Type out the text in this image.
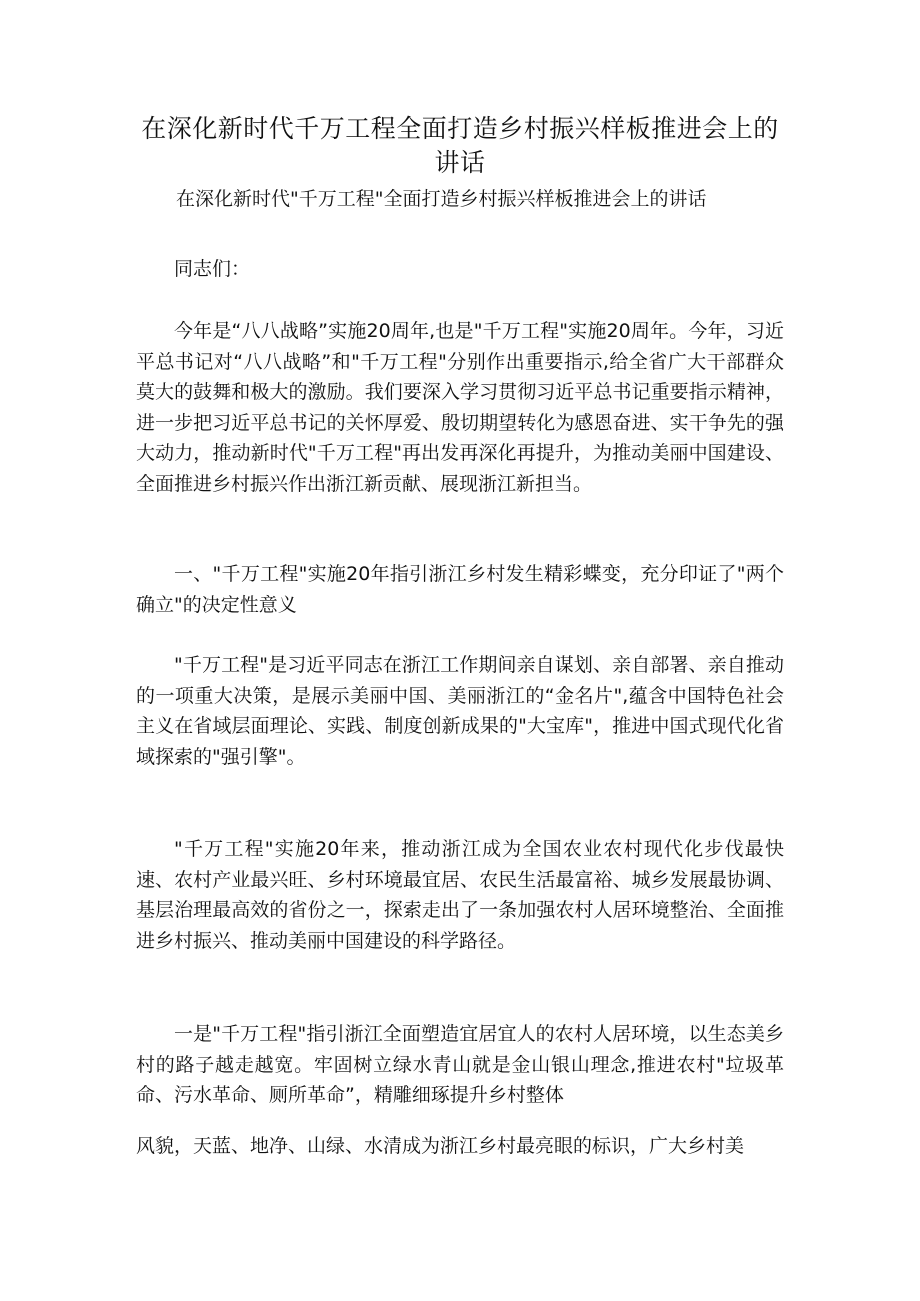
在深化新时代千万工程全面打造乡村振兴样板推进会上的讲话

在深化新时代"千万工程"全面打造乡村振兴样板推进会上的讲话

同志们：

今年是“八八战略”实施20周年,也是"千万工程"实施20周年。今年，习近平总书记对“八八战略”和"千万工程"分别作出重要指示,给全省广大干部群众莫大的鼓舞和极大的激励。我们要深入学习贯彻习近平总书记重要指示精神，进一步把习近平总书记的关怀厚爱、殷切期望转化为感恩奋进、实干争先的强大动力，推动新时代"千万工程"再出发再深化再提升，为推动美丽中国建设、全面推进乡村振兴作出浙江新贡献、展现浙江新担当。

一、"千万工程"实施20年指引浙江乡村发生精彩蝶变，充分印证了"两个确立"的决定性意义

"千万工程"是习近平同志在浙江工作期间亲自谋划、亲自部署、亲自推动的一项重大决策，是展示美丽中国、美丽浙江的“金名片",蕴含中国特色社会主义在省域层面理论、实践、制度创新成果的"大宝库"，推进中国式现代化省域探索的"强引擎"。

"千万工程"实施20年来，推动浙江成为全国农业农村现代化步伐最快速、农村产业最兴旺、乡村环境最宜居、农民生活最富裕、城乡发展最协调、基层治理最高效的省份之一，探索走出了一条加强农村人居环境整治、全面推进乡村振兴、推动美丽中国建设的科学路径。

一是"千万工程"指引浙江全面塑造宜居宜人的农村人居环境，以生态美乡村的路子越走越宽。牢固树立绿水青山就是金山银山理念,推进农村"垃圾革命、污水革命、厕所革命”，精雕细琢提升乡村整体

风貌，天蓝、地净、山绿、水清成为浙江乡村最亮眼的标识，广大乡村美
